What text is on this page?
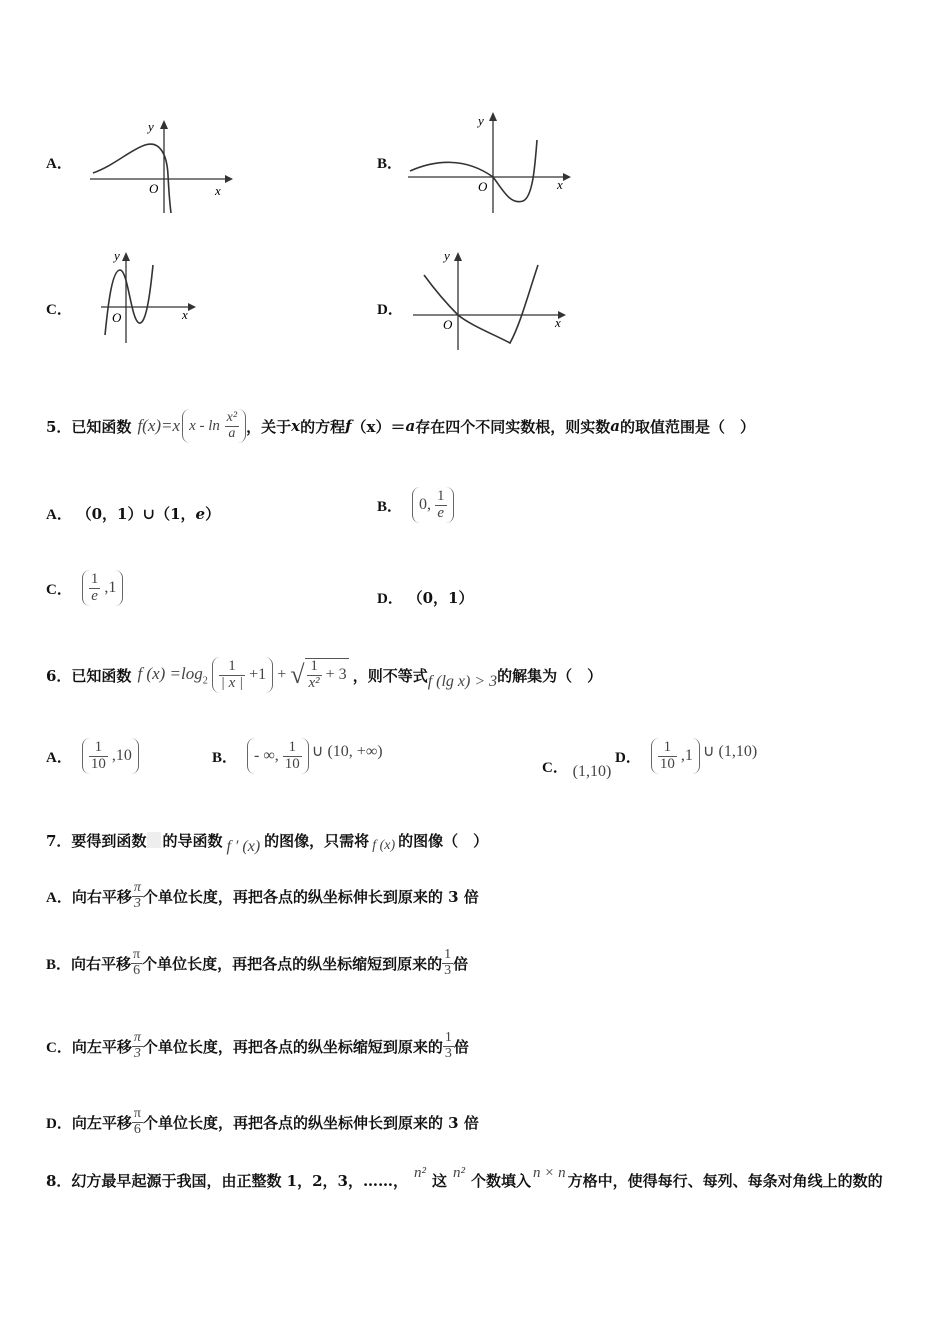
A．
y
x
O
B．
y
x
O
C．
y
x
O	D．
y
x
O
5．已知函数 f(x)=x x - $\ln \frac{\text{x²}}{a}$ ，关于 x 的方程 f （x）＝ a 存在四个不同实数根，则实数 a 的取值范围是（　）
A． （0，1）∪（1，e）	B．	0, $\frac{1}{e}$
C． $\frac{1}{e} ,1$
D． （0，1）
6．已知函数 f $(x) =\log_2 \frac{1}{| x |} +1$ + √ $\frac{1}{\text{x²}} + 3$ ，则不等式 f (lg x) > 3 的解集为（　）
A． $\frac{1}{10} ,10$	B．	- ∞, $\frac{1}{10}$ ∪ (10, +∞)
C． (1,10)
D． $\frac{1}{10} ,1$ ∪ (1,10)
7．要得到函数 的导函数 f ′ (x) 的图像，只需将 f (x) 的图像（　）
A． 向右平移 $\frac{\pi}{3}$ 个单位长度，再把各点的纵坐标伸长到原来的 3 倍
B． 向右平移 $\frac{\pi}{6}$ 个单位长度，再把各点的纵坐标缩短到原来的 $\frac{1}{3}$ 倍
C． 向左平移 $\frac{\pi}{3}$ 个单位长度，再把各点的纵坐标缩短到原来的 $\frac{1}{3}$ 倍
D． 向左平移 $\frac{\pi}{6}$ 个单位长度，再把各点的纵坐标伸长到原来的 3 倍
8．幻方最早起源于我国，由正整数 1，2，3，……， n² 这 n² 个数填入 n × n 方格中，使得每行、每列、每条对角线上的数的
